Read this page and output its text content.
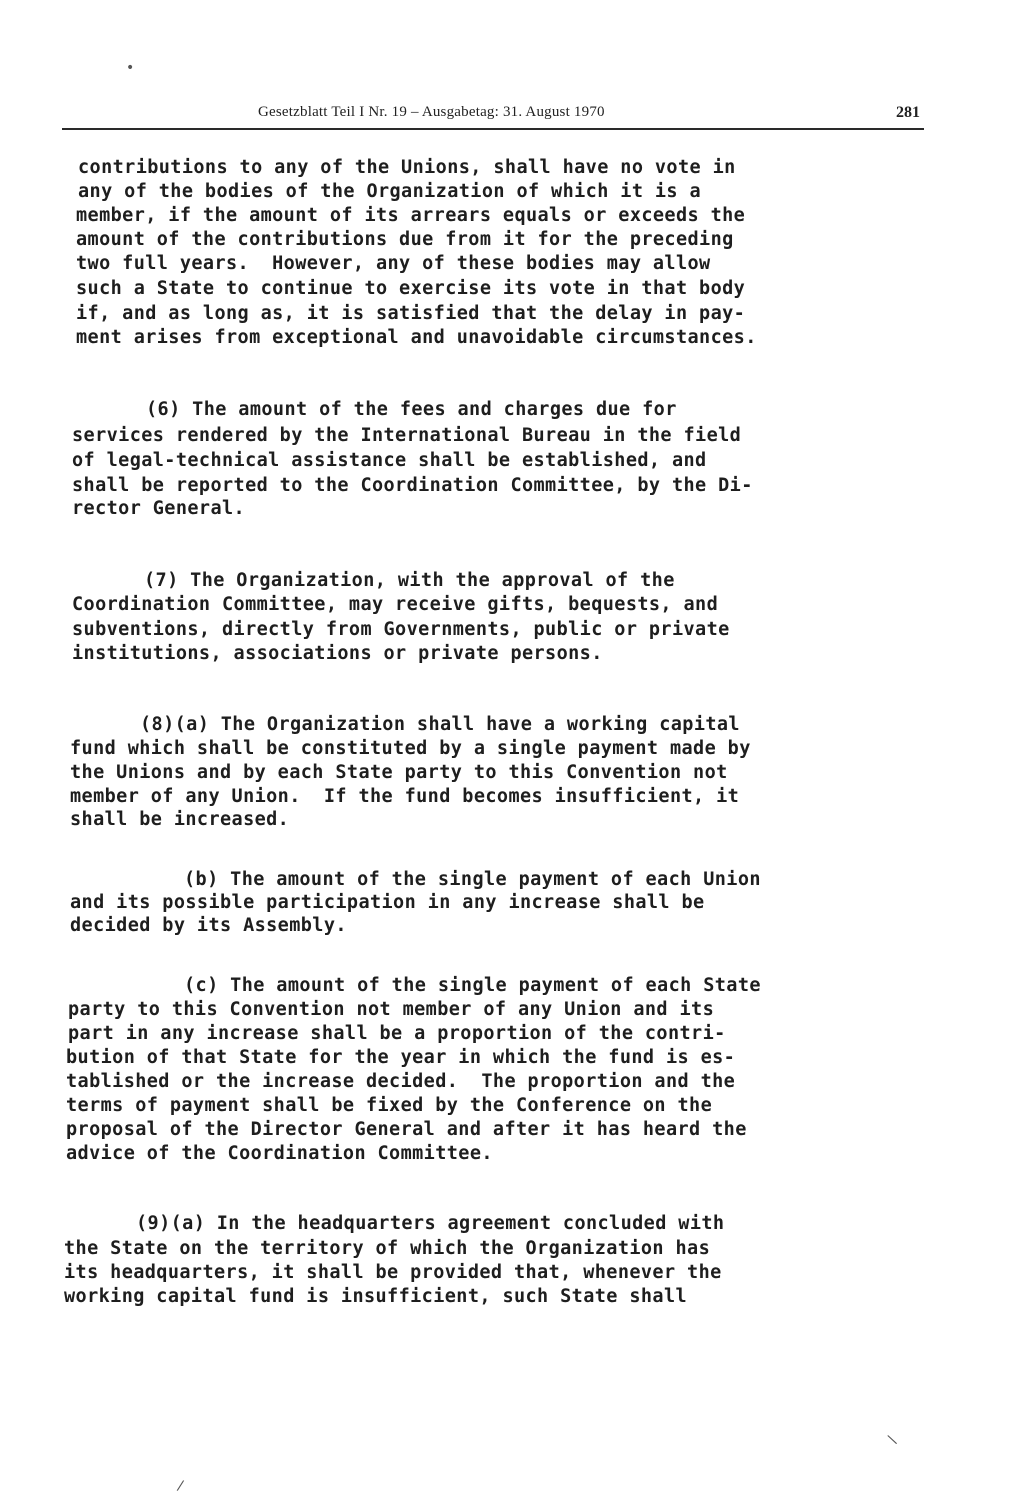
•
Gesetzblatt Teil I Nr. 19 – Ausgabetag: 31. August 1970	281
contributions to any of the Unions, shall have no vote in
any of the bodies of the Organization of which it is a
member, if the amount of its arrears equals or exceeds the
amount of the contributions due from it for the preceding
two full years.  However, any of these bodies may allow
such a State to continue to exercise its vote in that body
if, and as long as, it is satisfied that the delay in pay-
ment arises from exceptional and unavoidable circumstances.
(6) The amount of the fees and charges due for
services rendered by the International Bureau in the field
of legal-technical assistance shall be established, and
shall be reported to the Coordination Committee, by the Di-
rector General.
(7) The Organization, with the approval of the
Coordination Committee, may receive gifts, bequests, and
subventions, directly from Governments, public or private
institutions, associations or private persons.
(8)(a) The Organization shall have a working capital
fund which shall be constituted by a single payment made by
the Unions and by each State party to this Convention not
member of any Union.  If the fund becomes insufficient, it
shall be increased.
(b) The amount of the single payment of each Union
and its possible participation in any increase shall be
decided by its Assembly.
(c) The amount of the single payment of each State
party to this Convention not member of any Union and its
part in any increase shall be a proportion of the contri-
bution of that State for the year in which the fund is es-
tablished or the increase decided.  The proportion and the
terms of payment shall be fixed by the Conference on the
proposal of the Director General and after it has heard the
advice of the Coordination Committee.
(9)(a) In the headquarters agreement concluded with
the State on the territory of which the Organization has
its headquarters, it shall be provided that, whenever the
working capital fund is insufficient, such State shall
/
\
